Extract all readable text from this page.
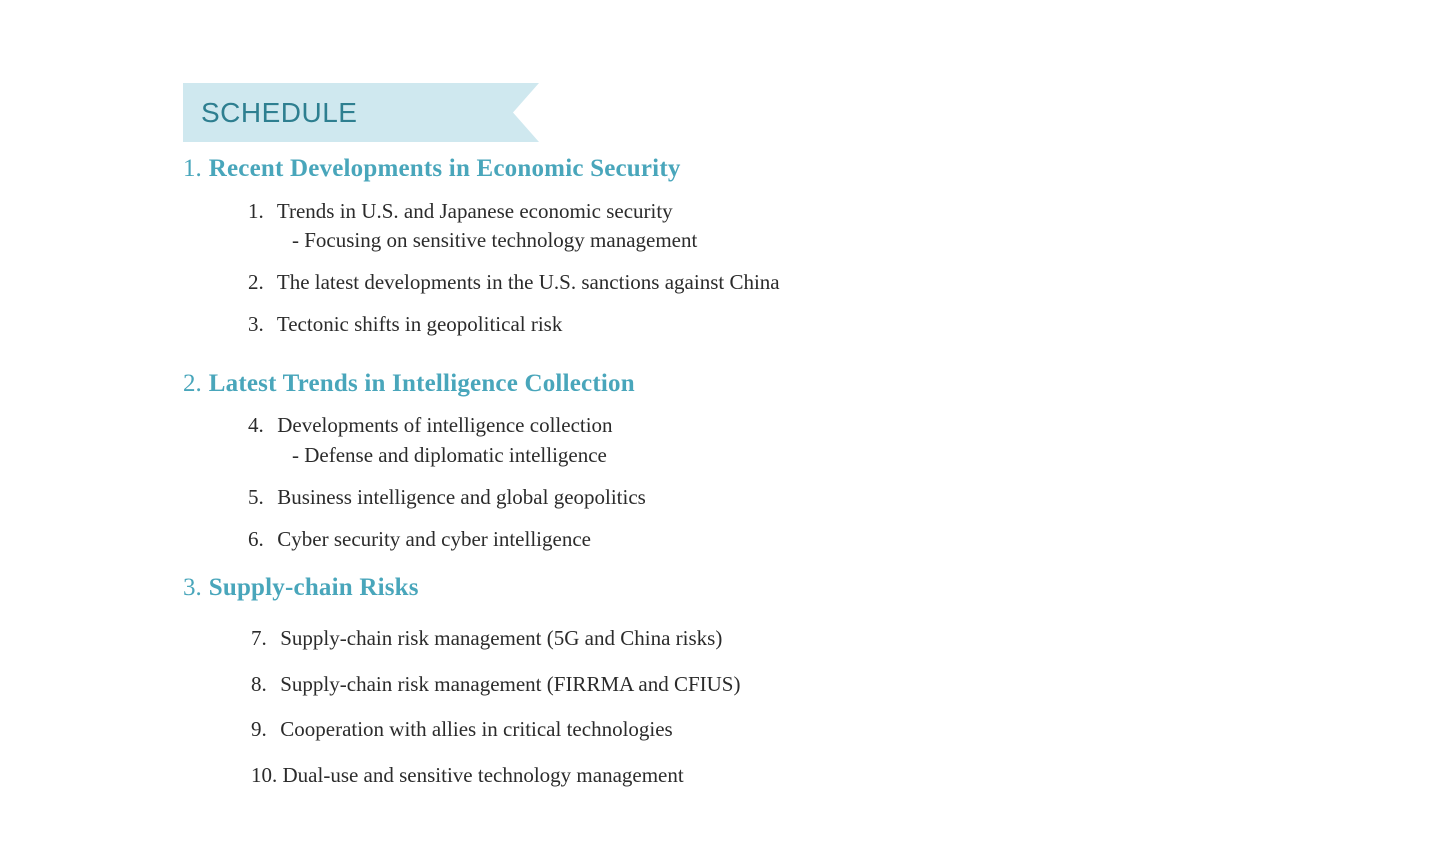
SCHEDULE
1. Recent Developments in Economic Security
1. Trends in U.S. and Japanese economic security
- Focusing on sensitive technology management
2. The latest developments in the U.S. sanctions against China
3. Tectonic shifts in geopolitical risk
2. Latest Trends in Intelligence Collection
4. Developments of intelligence collection
- Defense and diplomatic intelligence
5. Business intelligence and global geopolitics
6. Cyber security and cyber intelligence
3. Supply-chain Risks
7. Supply-chain risk management (5G and China risks)
8. Supply-chain risk management (FIRRMA and CFIUS)
9. Cooperation with allies in critical technologies
10. Dual-use and sensitive technology management
